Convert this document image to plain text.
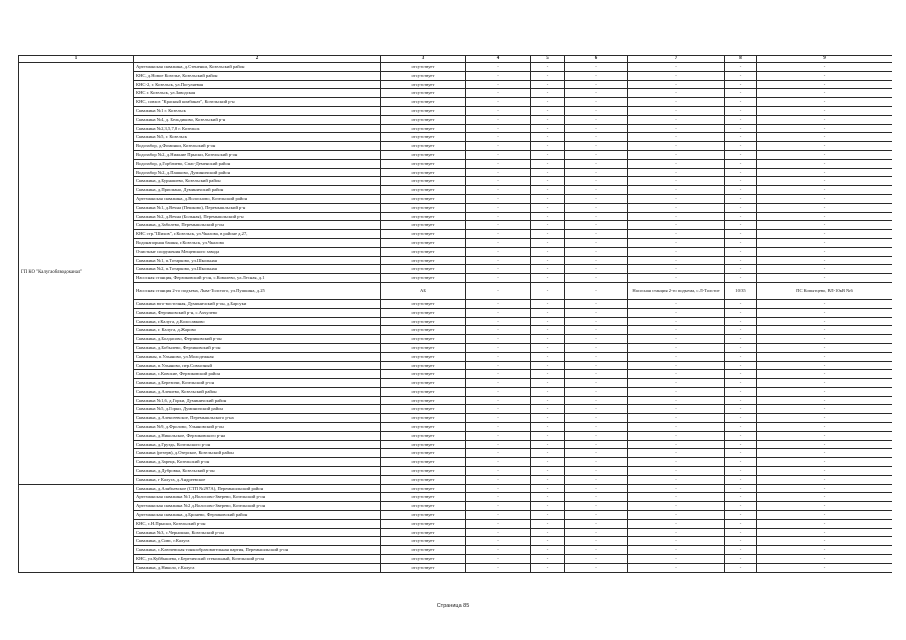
1	2	3	4	5	6	7	8	9
ГП КО "Калугаоблводоканал"	Артезианская скважина, д.Стененки, Козельский район	отсутствует	-	-	-	-	-	-
	КНС, д.Новое Козелье, Козельский район	отсутствует	-	-	-	-	-	-
	КНС-2, г. Козельск, ул.Погуляевая	отсутствует	-	-	-	-	-	-
	КНС г. Козельск, ул.Заводская	отсутствует	-	-	-	-	-	-
	КНС, совхоз "Красный комбинат", Козельский р-н	отсутствует	-	-	-	-	-	-
	Скважина №1 г. Козельск	отсутствует	-	-	-	-	-	-
	Скважина №4, д. Бельдиково, Козельский р-н	отсутствует	-	-	-	-	-	-
	Скважина №2,3,5,7,8 г. Козельск	отсутствует	-	-	-	-	-	-
	Скважина №5, г. Козельск	отсутствует	-	-	-	-	-	-
	Водозабор, д.Фоминки, Козельский р-он	отсутствует	-	-	-	-	-	-
	Водозабор №2, д.Нижние Прыски, Козельский р-он	отсутствует	-	-	-	-	-	-
	Водозабор, д.Горбачево, Спас-Деменский район	отсутствует	-	-	-	-	-	-
	Водозабор №2, д.Пашково, Думиничский район	отсутствует	-	-	-	-	-	-
	Скважина, д.Бурнашево, Козельский район	отсутствует	-	-	-	-	-	-
	Скважина, д.Присмано, Думиничский район	отсутствует	-	-	-	-	-	-
	Артезианская скважина, д.Волосново, Козельский район	отсутствует	-	-	-	-	-	-
	Скважина №1, д.Вечна (Пешково), Перемышльский р-н	отсутствует	-	-	-	-	-	-
	Скважина №2, д.Вечна (Больная), Перемышльский р-н	отсутствует	-	-	-	-	-	-
	Скважина, д.Заболево, Перемышльский р-он	отсутствует	-	-	-	-	-	-
	КНС стр."Шихов", г.Козельск, ул.Чкалова, в районе д.27,	отсутствует	-	-	-	-	-	-
	Водонапорная башня, г.Козельск, ул.Чкалова	отсутствует	-	-	-	-	-	-
	Очистные сооружения Мещевского завода	отсутствует	-	-	-	-	-	-
	Скважина №1, п.Тотарково, ул.Школьная	отсутствует	-	-	-	-	-	-
	Скважина №2, п.Тотарково, ул.Школьная	отсутствует	-	-	-	-	-	-
	Насосная станция, Ферзиковский р-он, с.Ковалево, ул.Лесная, д.1	отсутствует	-	-	-	-	-	-
	Насосная станция 2-го подъема, Льва-Толстого, ул.Пушкина, д.25	АБ	-	-	-	Насосная станция 2-го подъема, с.Л-Толстое	10/35	ПС Копытцево, ВЛ-10кВ №6
	Скважина юго-восточная, Думиничский р-он, д.Барсуки	отсутствует	-	-	-	-	-	-
	Скважина, Ферзиковский р-н, с.Ахчулево	отсутствует	-	-	-	-	-	-
	Скважина, г.Калуга, д.Колосавково	отсутствует	-	-	-	-	-	-
	Скважина, г. Калуга, д.Жарово	отсутствует	-	-	-	-	-	-
	Скважина, д.Болдасово, Ферзиковский р-он	отсутствует	-	-	-	-	-	-
	Скважина, д.Бобылево, Ферзиковский р-он	отсутствует	-	-	-	-	-	-
	Скважины, п.Ульяново, ул.Молодежная	отсутствует	-	-	-	-	-	-
	Скважина, п.Ульяново, пер.Совхозный	отсутствует	-	-	-	-	-	-
	Скважина, с.Ковские, Ферзиковский район	отсутствует	-	-	-	-	-	-
	Скважина, д.Березичи, Козельский р-он	отсутствует	-	-	-	-	-	-
	Скважина, д.Алешево, Козельский район	отсутствует	-	-	-	-	-	-
	Скважина №1,6, д.Горки, Думиничский район	отсутствует	-	-	-	-	-	-
	Скважина №5, д.Горки, Думиничский район	отсутствует	-	-	-	-	-	-
	Скважина, д.Алексеевское, Перемышльского р-на	отсутствует	-	-	-	-	-	-
	Скважина №9, д.Фролово, Ульяновский р-он	отсутствует	-	-	-	-	-	-
	Скважина, д.Никольское, Ферзиковского р-на	отсутствует	-	-	-	-	-	-
	Скважина, д.Груздь, Козельского р-он	отсутствует	-	-	-	-	-	-
	Скважина (резерв), д.Озерское, Козельский район	отсутствует	-	-	-	-	-	-
	Скважина, д.Зарецк, Козельский р-он	отсутствует	-	-	-	-	-	-
	Скважина, д.Дубровка, Козельский р-он	отсутствует	-	-	-	-	-	-
	Скважина, г Калуга, д.Андреевское	отсутствует	-	-	-	-	-	-
	Скважина, д.Алябьевское (СТП №297А), Перемышльский район	отсутствует	-	-	-	-	-	-
	Артезианская скважина №1 д.Волосово-Зверево, Козельский р-он	отсутствует	-	-	-	-	-	-
	Артезианская скважина №2 д.Волосово-Зверево, Козельский р-он	отсутствует	-	-	-	-	-	-
	Артезианская скважина, д.Бронево, Ферзиковский район	отсутствует	-	-	-	-	-	-
	КНС, с.Н.Прыски, Козельский р-он	отсутствует	-	-	-	-	-	-
	Скважина №3, с.Черношно, Козельский р-он	отсутствует	-	-	-	-	-	-
	Скважина, д.Сивс, г.Калуга	отсутствует	-	-	-	-	-	-
	Скважина, с.Ключевская тонкообразовательная партия, Перемышльский р-он	отсутствует	-	-	-	-	-	-
	КНС, ул.Куйбышева, г.Березичский стекольный, Козельский р-он	отсутствует	-	-	-	-	-	-
	Скважина, д.Николо, г.Калуга	отсутствует	-	-	-	-	-	-
Страница 85
